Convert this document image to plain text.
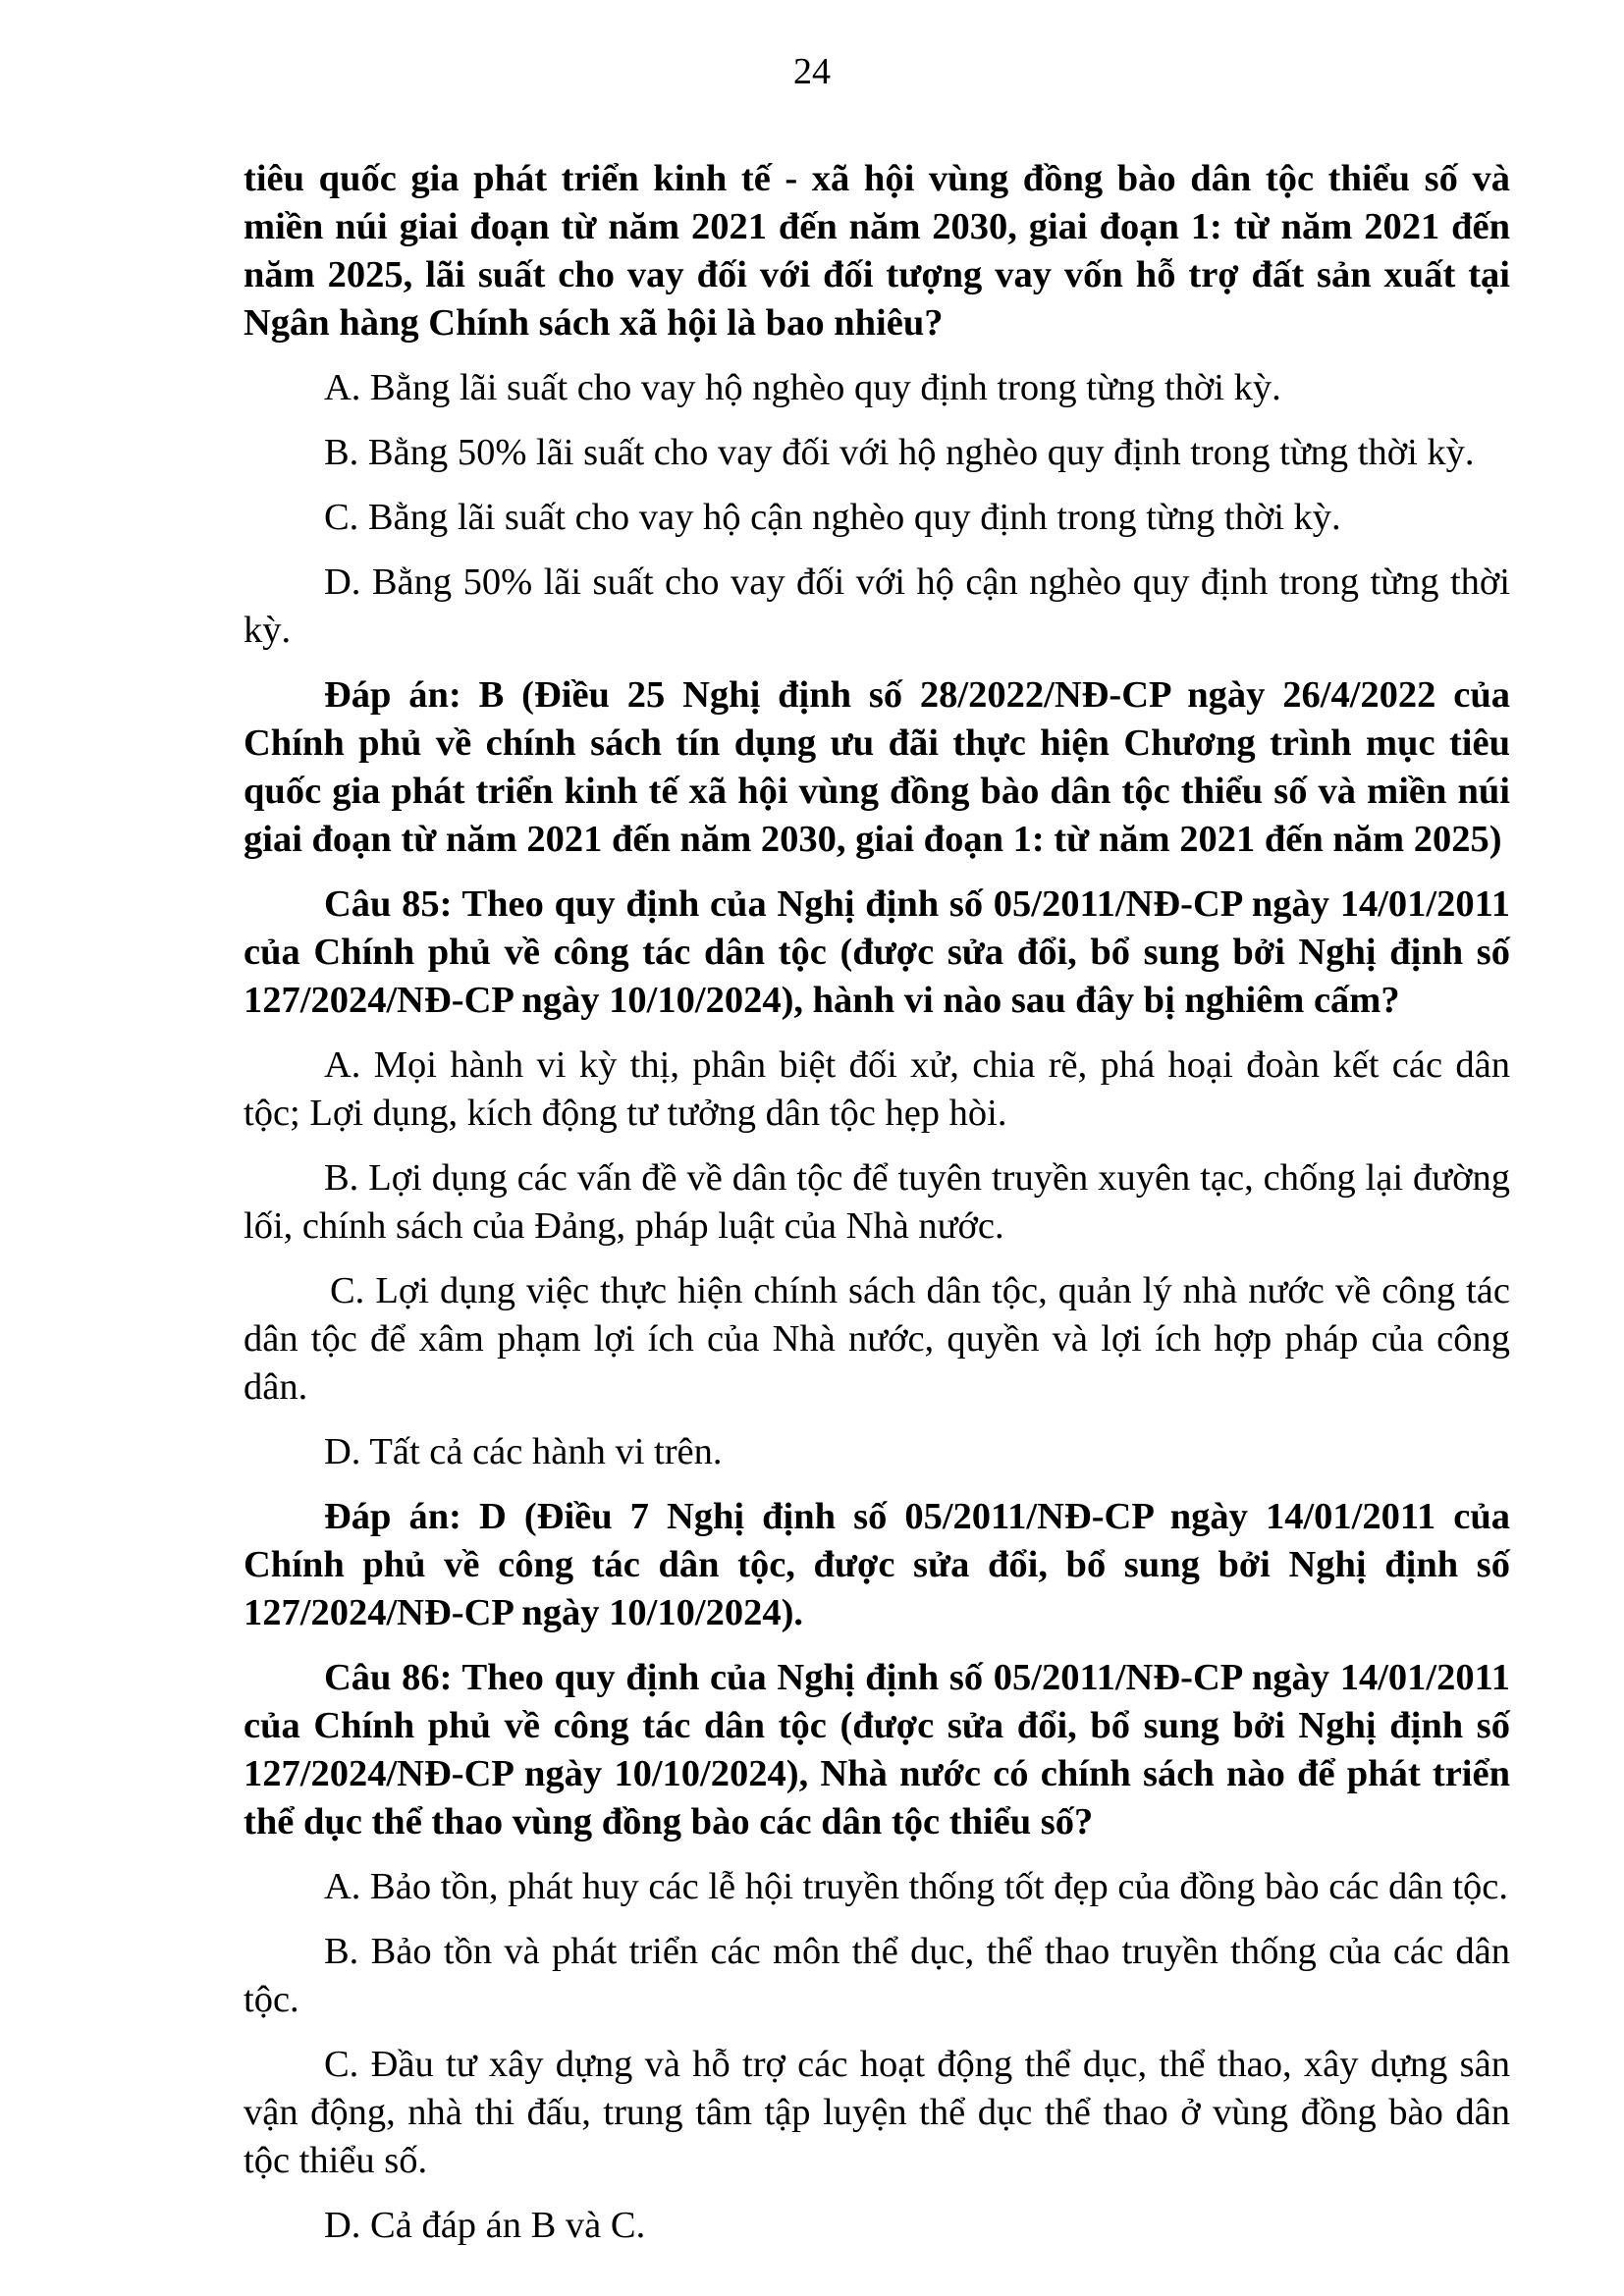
24

tiêu quốc gia phát triển kinh tế - xã hội vùng đồng bào dân tộc thiểu số và miền núi giai đoạn từ năm 2021 đến năm 2030, giai đoạn 1: từ năm 2021 đến năm 2025, lãi suất cho vay đối với đối tượng vay vốn hỗ trợ đất sản xuất tại Ngân hàng Chính sách xã hội là bao nhiêu?

A. Bằng lãi suất cho vay hộ nghèo quy định trong từng thời kỳ.

B. Bằng 50% lãi suất cho vay đối với hộ nghèo quy định trong từng thời kỳ.

C. Bằng lãi suất cho vay hộ cận nghèo quy định trong từng thời kỳ.

D. Bằng 50% lãi suất cho vay đối với hộ cận nghèo quy định trong từng thời kỳ.

Đáp án: B (Điều 25 Nghị định số 28/2022/NĐ-CP ngày 26/4/2022 của Chính phủ về chính sách tín dụng ưu đãi thực hiện Chương trình mục tiêu quốc gia phát triển kinh tế xã hội vùng đồng bào dân tộc thiểu số và miền núi giai đoạn từ năm 2021 đến năm 2030, giai đoạn 1: từ năm 2021 đến năm 2025)

Câu 85: Theo quy định của Nghị định số 05/2011/NĐ-CP ngày 14/01/2011 của Chính phủ về công tác dân tộc (được sửa đổi, bổ sung bởi Nghị định số 127/2024/NĐ-CP ngày 10/10/2024), hành vi nào sau đây bị nghiêm cấm?

A. Mọi hành vi kỳ thị, phân biệt đối xử, chia rẽ, phá hoại đoàn kết các dân tộc; Lợi dụng, kích động tư tưởng dân tộc hẹp hòi.

B. Lợi dụng các vấn đề về dân tộc để tuyên truyền xuyên tạc, chống lại đường lối, chính sách của Đảng, pháp luật của Nhà nước.

C. Lợi dụng việc thực hiện chính sách dân tộc, quản lý nhà nước về công tác dân tộc để xâm phạm lợi ích của Nhà nước, quyền và lợi ích hợp pháp của công dân.

D. Tất cả các hành vi trên.

Đáp án: D (Điều 7 Nghị định số 05/2011/NĐ-CP ngày 14/01/2011 của Chính phủ về công tác dân tộc, được sửa đổi, bổ sung bởi Nghị định số 127/2024/NĐ-CP ngày 10/10/2024).

Câu 86: Theo quy định của Nghị định số 05/2011/NĐ-CP ngày 14/01/2011 của Chính phủ về công tác dân tộc (được sửa đổi, bổ sung bởi Nghị định số 127/2024/NĐ-CP ngày 10/10/2024), Nhà nước có chính sách nào để phát triển thể dục thể thao vùng đồng bào các dân tộc thiểu số?

A. Bảo tồn, phát huy các lễ hội truyền thống tốt đẹp của đồng bào các dân tộc.

B. Bảo tồn và phát triển các môn thể dục, thể thao truyền thống của các dân tộc.

C. Đầu tư xây dựng và hỗ trợ các hoạt động thể dục, thể thao, xây dựng sân vận động, nhà thi đấu, trung tâm tập luyện thể dục thể thao ở vùng đồng bào dân tộc thiểu số.

D. Cả đáp án B và C.
